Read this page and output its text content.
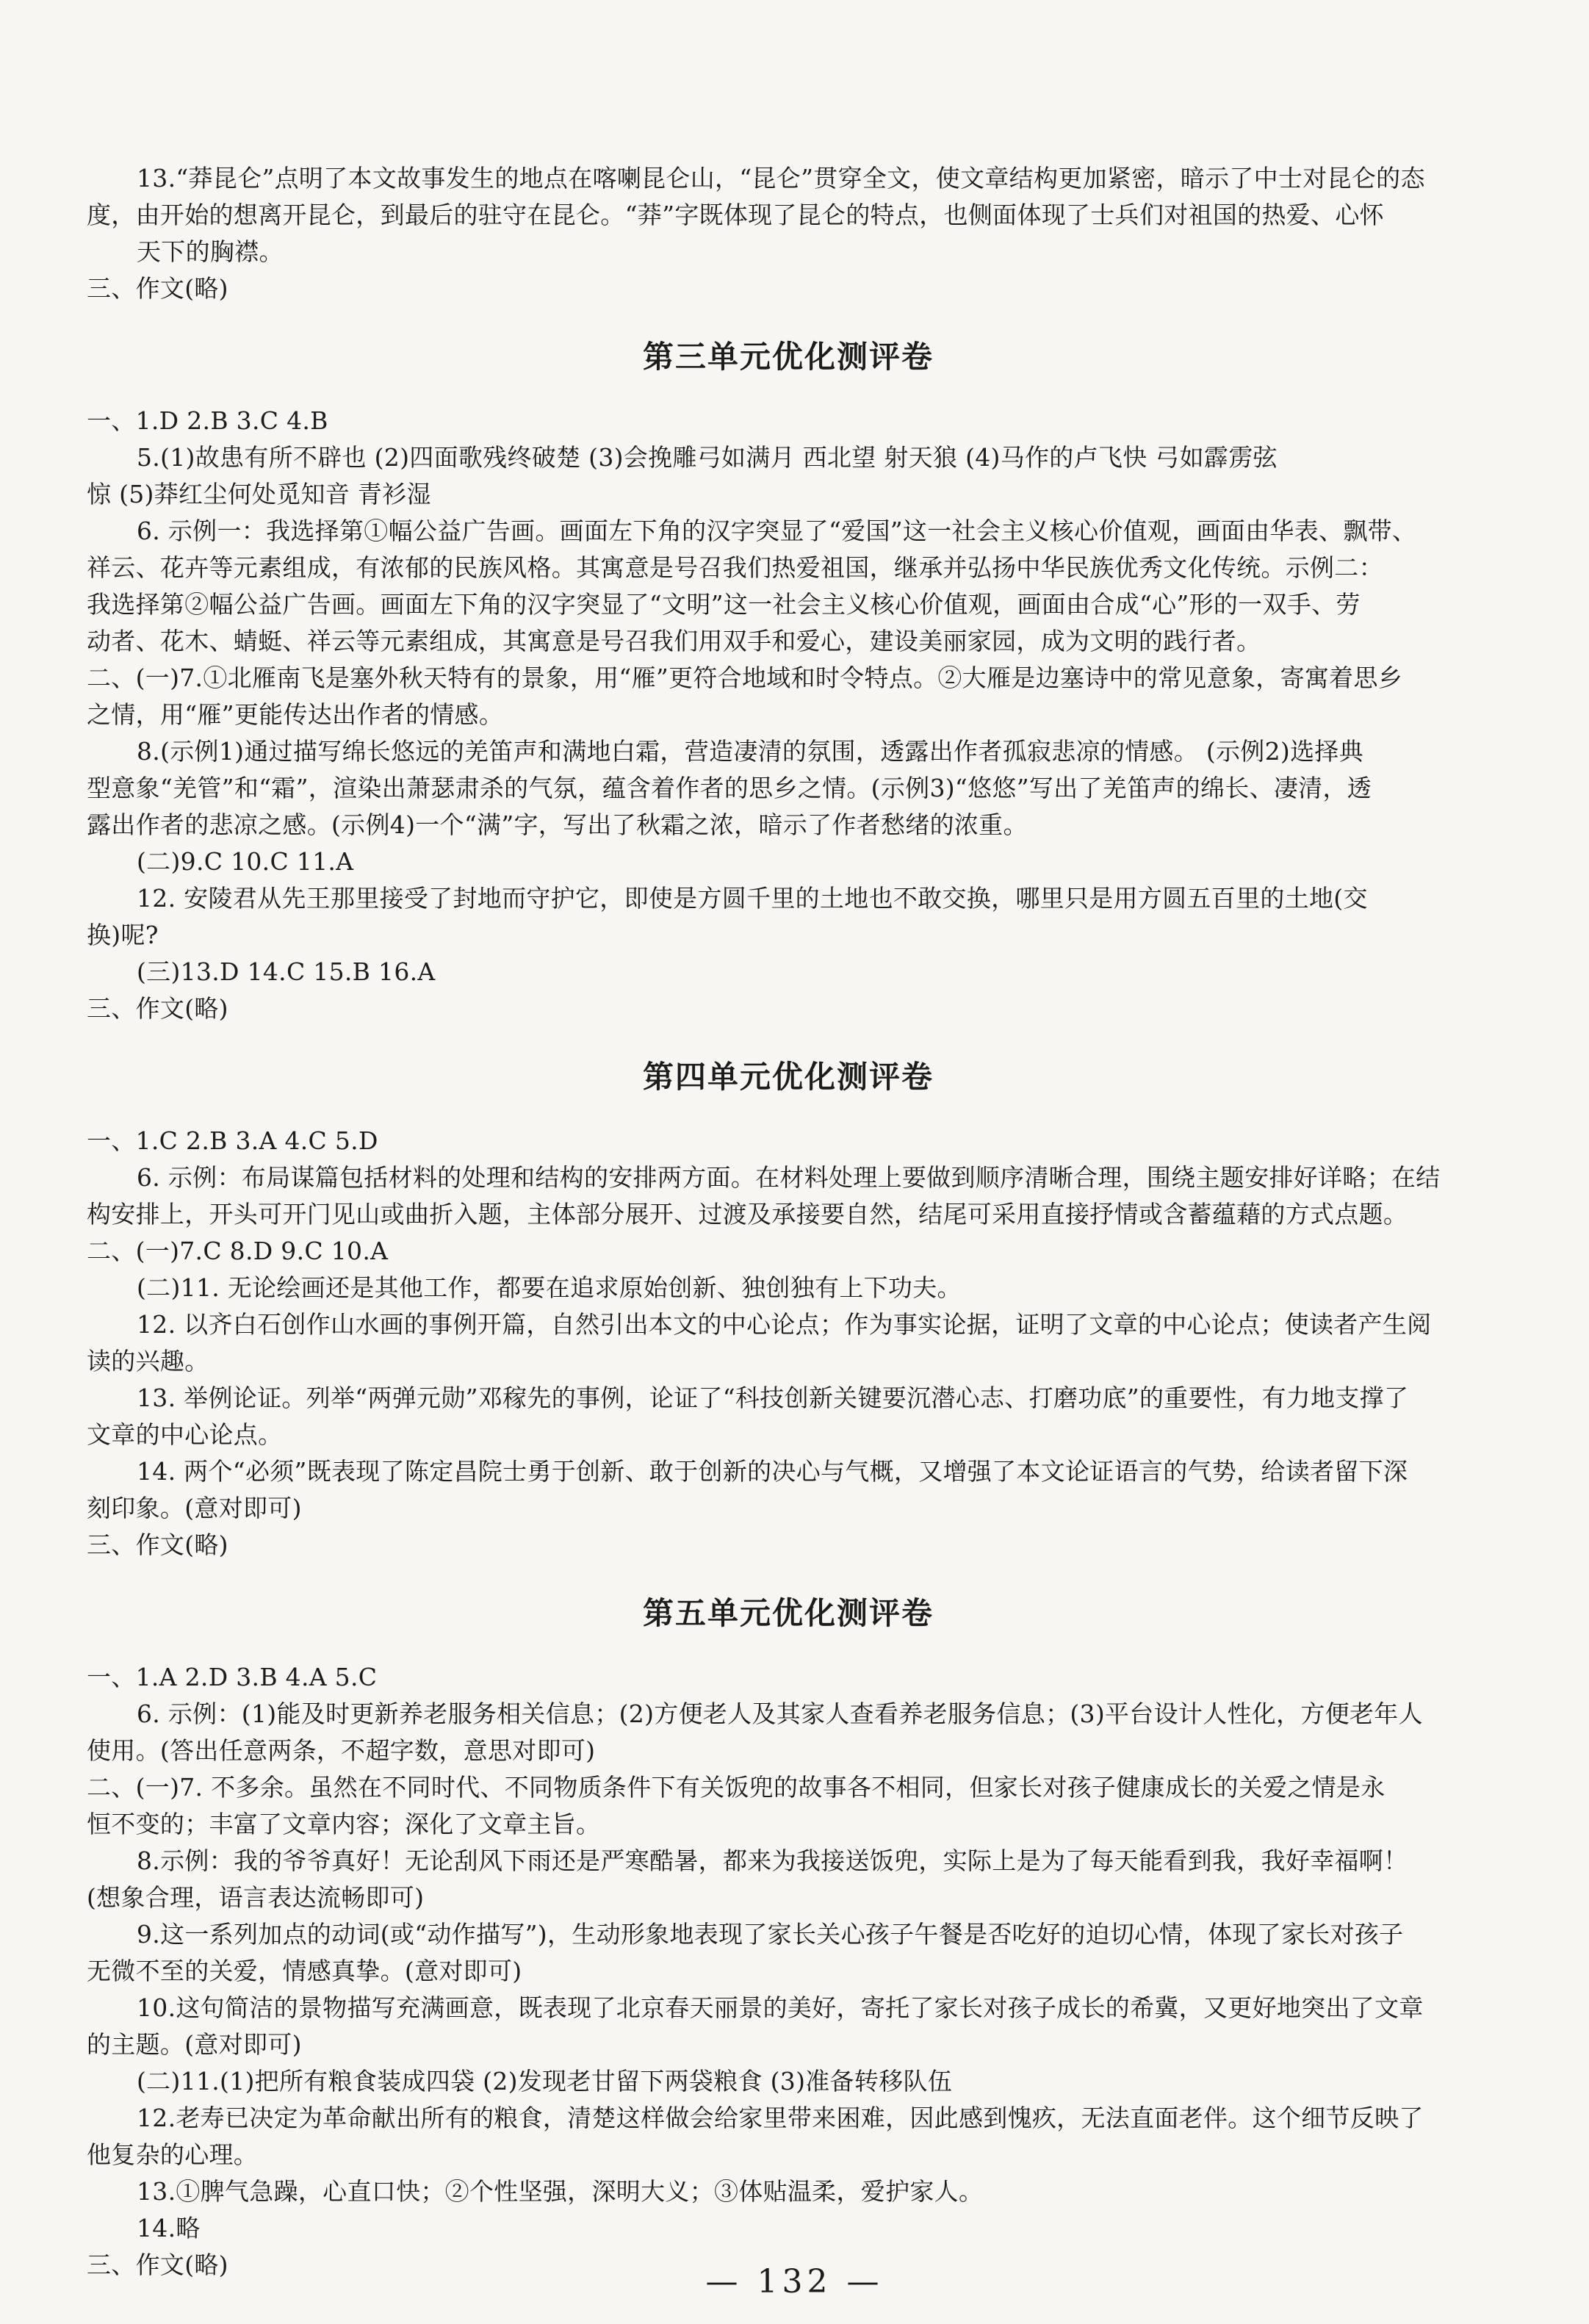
13.“莽昆仑”点明了本文故事发生的地点在喀喇昆仑山，“昆仑”贯穿全文，使文章结构更加紧密，暗示了中士对昆仑的态
度，由开始的想离开昆仑，到最后的驻守在昆仑。“莽”字既体现了昆仑的特点，也侧面体现了士兵们对祖国的热爱、心怀
天下的胸襟。
三、作文(略)
第三单元优化测评卷
一、1.D 2.B 3.C 4.B
5.(1)故患有所不辟也 (2)四面歌残终破楚 (3)会挽雕弓如满月 西北望 射天狼 (4)马作的卢飞快 弓如霹雳弦
惊 (5)莽红尘何处觅知音 青衫湿
6. 示例一：我选择第①幅公益广告画。画面左下角的汉字突显了“爱国”这一社会主义核心价值观，画面由华表、飘带、
祥云、花卉等元素组成，有浓郁的民族风格。其寓意是号召我们热爱祖国，继承并弘扬中华民族优秀文化传统。示例二：
我选择第②幅公益广告画。画面左下角的汉字突显了“文明”这一社会主义核心价值观，画面由合成“心”形的一双手、劳
动者、花木、蜻蜓、祥云等元素组成，其寓意是号召我们用双手和爱心，建设美丽家园，成为文明的践行者。
二、(一)7.①北雁南飞是塞外秋天特有的景象，用“雁”更符合地域和时令特点。②大雁是边塞诗中的常见意象，寄寓着思乡
之情，用“雁”更能传达出作者的情感。
8.(示例1)通过描写绵长悠远的羌笛声和满地白霜，营造凄清的氛围，透露出作者孤寂悲凉的情感。 (示例2)选择典
型意象“羌管”和“霜”，渲染出萧瑟肃杀的气氛，蕴含着作者的思乡之情。(示例3)“悠悠”写出了羌笛声的绵长、凄清，透
露出作者的悲凉之感。(示例4)一个“满”字，写出了秋霜之浓，暗示了作者愁绪的浓重。
(二)9.C 10.C 11.A
12. 安陵君从先王那里接受了封地而守护它，即使是方圆千里的土地也不敢交换，哪里只是用方圆五百里的土地(交
换)呢?
(三)13.D 14.C 15.B 16.A
三、作文(略)
第四单元优化测评卷
一、1.C 2.B 3.A 4.C 5.D
6. 示例：布局谋篇包括材料的处理和结构的安排两方面。在材料处理上要做到顺序清晰合理，围绕主题安排好详略；在结
构安排上，开头可开门见山或曲折入题，主体部分展开、过渡及承接要自然，结尾可采用直接抒情或含蓄蕴藉的方式点题。
二、(一)7.C 8.D 9.C 10.A
(二)11. 无论绘画还是其他工作，都要在追求原始创新、独创独有上下功夫。
12. 以齐白石创作山水画的事例开篇，自然引出本文的中心论点；作为事实论据，证明了文章的中心论点；使读者产生阅
读的兴趣。
13. 举例论证。列举“两弹元勋”邓稼先的事例，论证了“科技创新关键要沉潜心志、打磨功底”的重要性，有力地支撑了
文章的中心论点。
14. 两个“必须”既表现了陈定昌院士勇于创新、敢于创新的决心与气概，又增强了本文论证语言的气势，给读者留下深
刻印象。(意对即可)
三、作文(略)
第五单元优化测评卷
一、1.A 2.D 3.B 4.A 5.C
6. 示例：(1)能及时更新养老服务相关信息；(2)方便老人及其家人查看养老服务信息；(3)平台设计人性化，方便老年人
使用。(答出任意两条，不超字数，意思对即可)
二、(一)7. 不多余。虽然在不同时代、不同物质条件下有关饭兜的故事各不相同，但家长对孩子健康成长的关爱之情是永
恒不变的；丰富了文章内容；深化了文章主旨。
8.示例：我的爷爷真好！无论刮风下雨还是严寒酷暑，都来为我接送饭兜，实际上是为了每天能看到我，我好幸福啊！
(想象合理，语言表达流畅即可)
9.这一系列加点的动词(或“动作描写”)，生动形象地表现了家长关心孩子午餐是否吃好的迫切心情，体现了家长对孩子
无微不至的关爱，情感真挚。(意对即可)
10.这句简洁的景物描写充满画意，既表现了北京春天丽景的美好，寄托了家长对孩子成长的希冀，又更好地突出了文章
的主题。(意对即可)
(二)11.(1)把所有粮食装成四袋 (2)发现老甘留下两袋粮食 (3)准备转移队伍
12.老寿已决定为革命献出所有的粮食，清楚这样做会给家里带来困难，因此感到愧疚，无法直面老伴。这个细节反映了
他复杂的心理。
13.①脾气急躁，心直口快；②个性坚强，深明大义；③体贴温柔，爱护家人。
14.略
三、作文(略)	— 132 —
